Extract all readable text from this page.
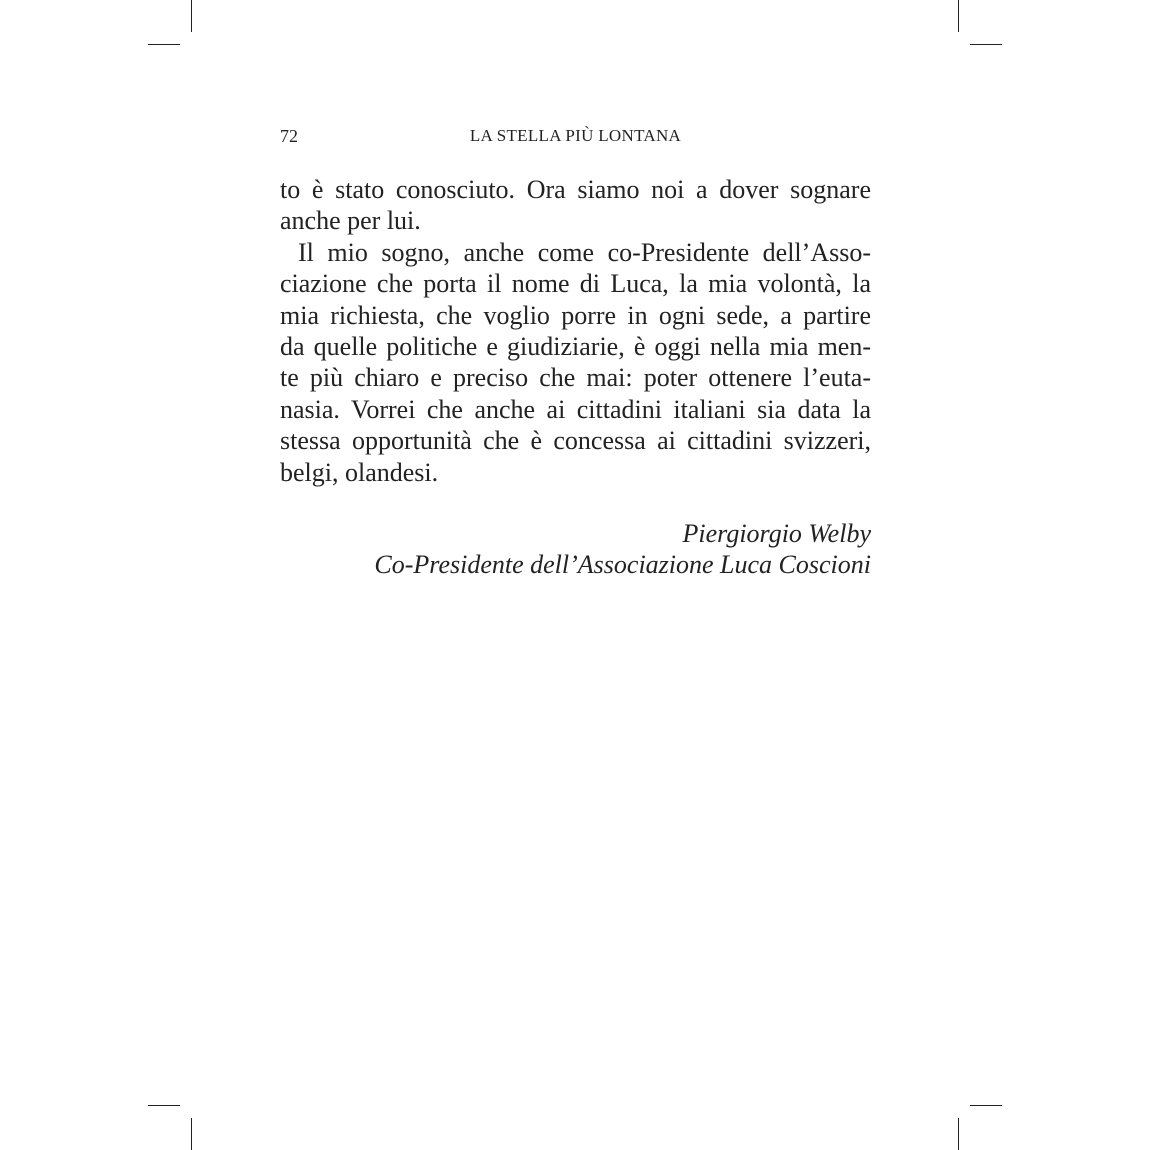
72	LA STELLA PIÙ LONTANA
to è stato conosciuto. Ora siamo noi a dover sognare
anche per lui.
Il mio sogno, anche come co-Presidente dell’Asso-
ciazione che porta il nome di Luca, la mia volontà, la
mia richiesta, che voglio porre in ogni sede, a partire
da quelle politiche e giudiziarie, è oggi nella mia men-
te più chiaro e preciso che mai: poter ottenere l’euta-
nasia. Vorrei che anche ai cittadini italiani sia data la
stessa opportunità che è concessa ai cittadini svizzeri,
belgi, olandesi.
Piergiorgio Welby
Co-Presidente dell’Associazione Luca Coscioni
